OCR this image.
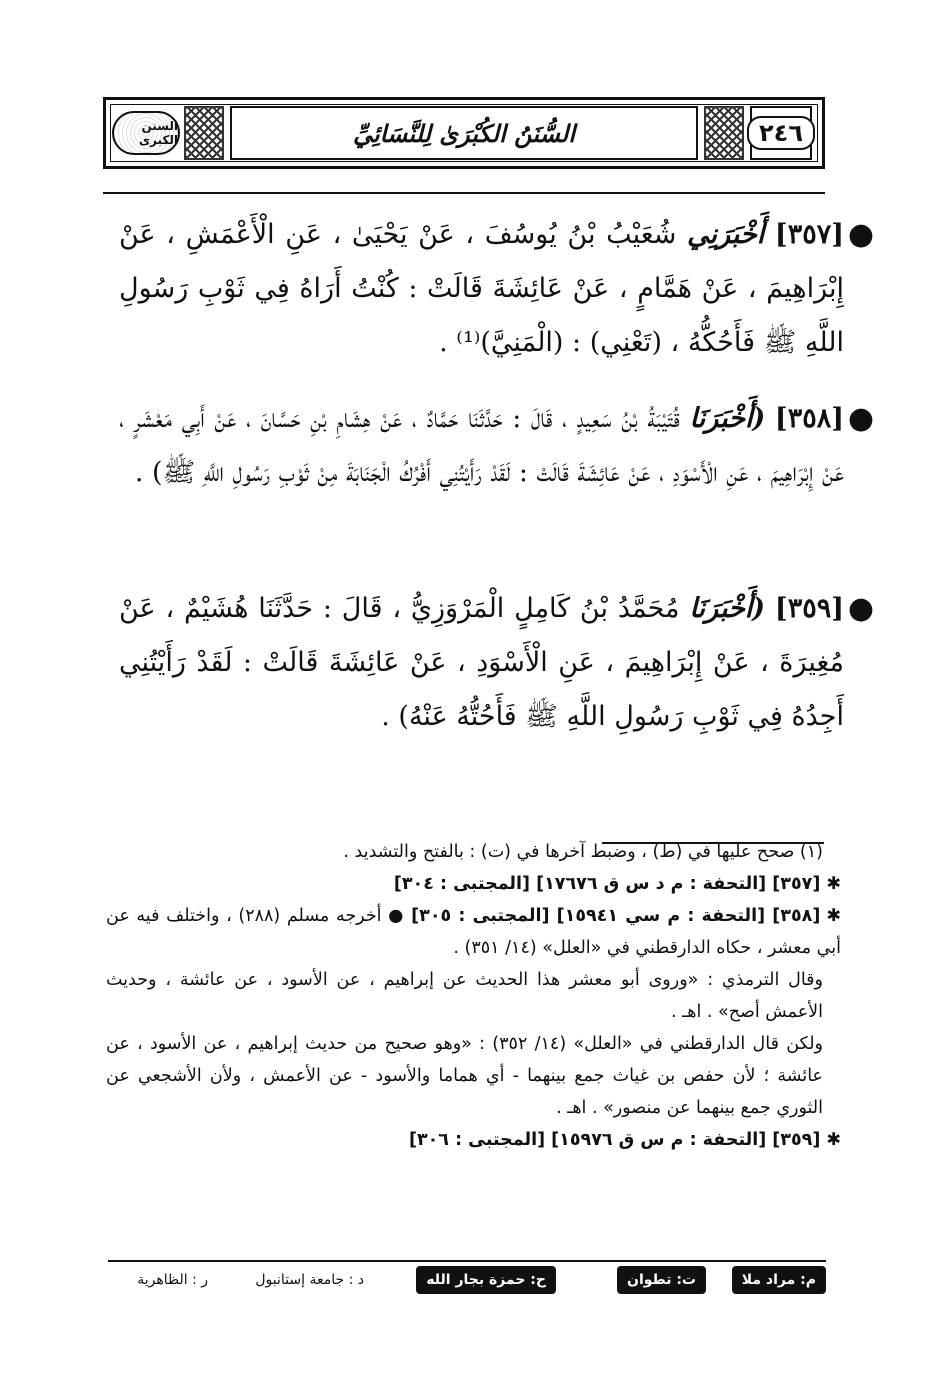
٢٤٦
السُّنَنُ الكُبْرَىٰ لِلنَّسَائِيِّ
السنن الكبرى
●
[٣٥٧] أَخْبَرَنِي شُعَيْبُ بْنُ يُوسُفَ ، عَنْ يَحْيَىٰ ، عَنِ الْأَعْمَشِ ، عَنْ إِبْرَاهِيمَ ، عَنْ هَمَّامٍ ، عَنْ عَائِشَةَ قَالَتْ : كُنْتُ أَرَاهُ فِي ثَوْبِ رَسُولِ اللَّهِ ﷺ فَأَحُكُّهُ ، (تَعْنِي) : (الْمَنِيَّ)⁽¹⁾ .
●
[٣٥٨] (أَخْبَرَنَا قُتَيْبَةُ بْنُ سَعِيدٍ ، قَالَ : حَدَّثَنَا حَمَّادٌ ، عَنْ هِشَامِ بْنِ حَسَّانَ ، عَنْ أَبِي مَعْشَرٍ ، عَنْ إِبْرَاهِيمَ ، عَنِ الْأَسْوَدِ ، عَنْ عَائِشَةَ قَالَتْ : لَقَدْ رَأَيْتُنِي أَفْرُكُ الْجَنَابَةَ مِنْ ثَوْبِ رَسُولِ اللَّهِ ﷺ) .
●
[٣٥٩] (أَخْبَرَنَا مُحَمَّدُ بْنُ كَامِلٍ الْمَرْوَزِيُّ ، قَالَ : حَدَّثَنَا هُشَيْمٌ ، عَنْ مُغِيرَةَ ، عَنْ إِبْرَاهِيمَ ، عَنِ الْأَسْوَدِ ، عَنْ عَائِشَةَ قَالَتْ : لَقَدْ رَأَيْتُنِي أَجِدُهُ فِي ثَوْبِ رَسُولِ اللَّهِ ﷺ فَأَحُتُّهُ عَنْهُ) .
(١) صحح عليها في (ط) ، وضبط آخرها في (ت) : بالفتح والتشديد .
✱[٣٥٧] [التحفة : م د س ق ١٧٦٧٦] [المجتبى : ٣٠٤]
✱[٣٥٨] [التحفة : م سي ١٥٩٤١] [المجتبى : ٣٠٥] ● أخرجه مسلم (٢٨٨) ، واختلف فيه عن أبي معشر ، حكاه الدارقطني في «العلل» (١٤/ ٣٥١) .
وقال الترمذي : «وروى أبو معشر هذا الحديث عن إبراهيم ، عن الأسود ، عن عائشة ، وحديث الأعمش أصح» . اهـ .
ولكن قال الدارقطني في «العلل» (١٤/ ٣٥٢) : «وهو صحيح من حديث إبراهيم ، عن الأسود ، عن عائشة ؛ لأن حفص بن غياث جمع بينهما - أي هماما والأسود - عن الأعمش ، ولأن الأشجعي عن الثوري جمع بينهما عن منصور» . اهـ .
✱[٣٥٩] [التحفة : م س ق ١٥٩٧٦] [المجتبى : ٣٠٦]
م: مراد ملا
ت: تطوان
ح: حمزة بجار الله
د : جامعة إستانبول
ر : الظاهرية
